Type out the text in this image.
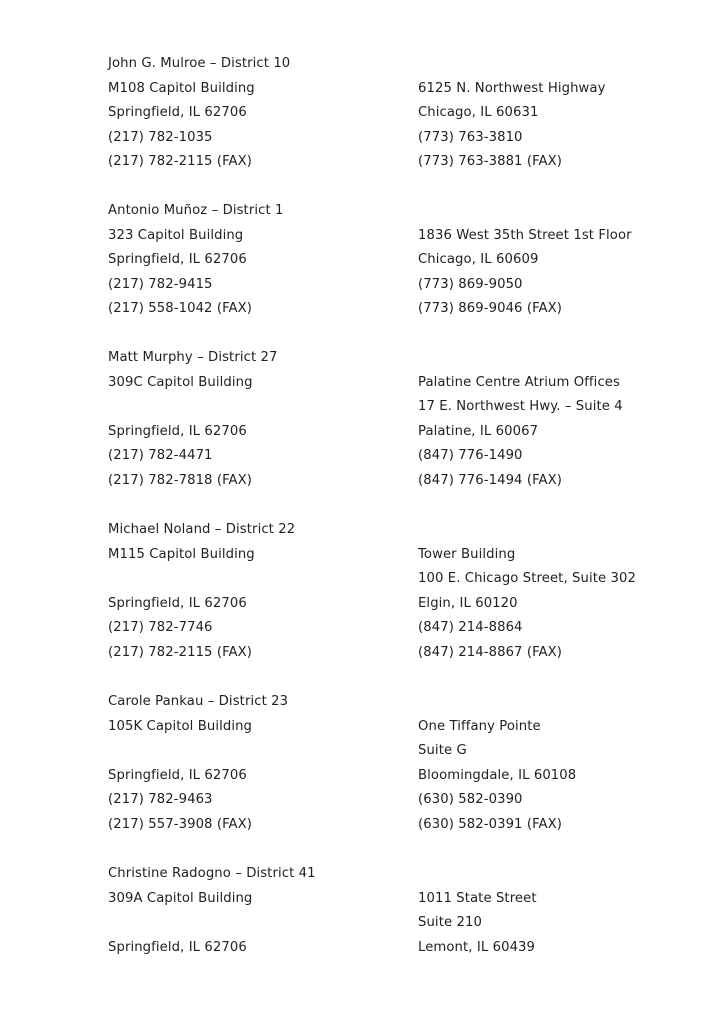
John G. Mulroe – District 10
M108 Capitol Building
Springfield, IL 62706
(217) 782-1035
(217) 782-2115 (FAX)
6125 N. Northwest Highway
Chicago, IL 60631
(773) 763-3810
(773) 763-3881 (FAX)
Antonio Muñoz – District 1
323 Capitol Building
Springfield, IL 62706
(217) 782-9415
(217) 558-1042 (FAX)
1836 West 35th Street 1st Floor
Chicago, IL 60609
(773) 869-9050
(773) 869-9046 (FAX)
Matt Murphy – District 27
309C Capitol Building
Springfield, IL 62706
(217) 782-4471
(217) 782-7818 (FAX)
Palatine Centre Atrium Offices
17 E. Northwest Hwy. – Suite 4
Palatine, IL 60067
(847) 776-1490
(847) 776-1494 (FAX)
Michael Noland – District 22
M115 Capitol Building
Springfield, IL 62706
(217) 782-7746
(217) 782-2115 (FAX)
Tower Building
100 E. Chicago Street, Suite 302
Elgin, IL 60120
(847) 214-8864
(847) 214-8867 (FAX)
Carole Pankau – District 23
105K Capitol Building
Springfield, IL 62706
(217) 782-9463
(217) 557-3908 (FAX)
One Tiffany Pointe
Suite G
Bloomingdale, IL 60108
(630) 582-0390
(630) 582-0391 (FAX)
Christine Radogno – District 41
309A Capitol Building
Springfield, IL 62706
1011 State Street
Suite 210
Lemont, IL 60439
